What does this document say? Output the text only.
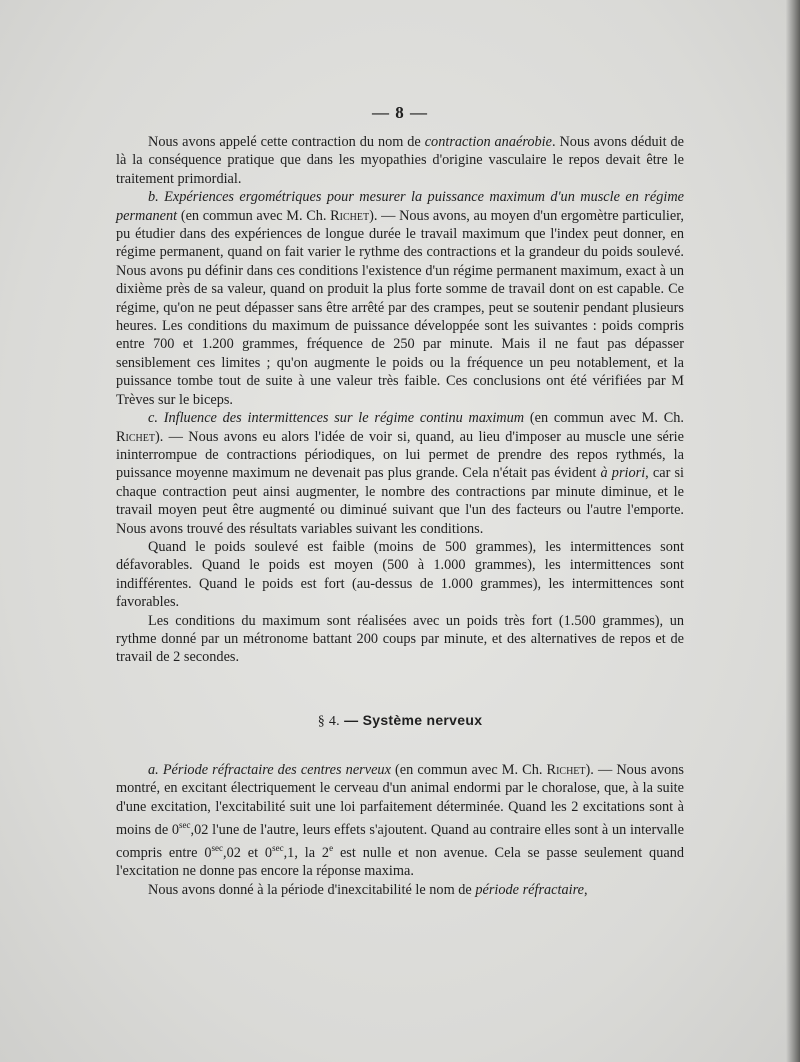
— 8 —

Nous avons appelé cette contraction du nom de contraction anaérobie. Nous avons déduit de là la conséquence pratique que dans les myopathies d'origine vasculaire le repos devait être le traitement primordial.

b. Expériences ergométriques pour mesurer la puissance maximum d'un muscle en régime permanent (en commun avec M. Ch. Richet). — Nous avons, au moyen d'un ergomètre particulier, pu étudier dans des expériences de longue durée le travail maximum que l'index peut donner, en régime permanent, quand on fait varier le rythme des contractions et la grandeur du poids soulevé. Nous avons pu définir dans ces conditions l'existence d'un régime permanent maximum, exact à un dixième près de sa valeur, quand on produit la plus forte somme de travail dont on est capable. Ce régime, qu'on ne peut dépasser sans être arrêté par des crampes, peut se soutenir pendant plusieurs heures. Les conditions du maximum de puissance développée sont les suivantes : poids compris entre 700 et 1.200 grammes, fréquence de 250 par minute. Mais il ne faut pas dépasser sensiblement ces limites ; qu'on augmente le poids ou la fréquence un peu notablement, et la puissance tombe tout de suite à une valeur très faible. Ces conclusions ont été vérifiées par M Trèves sur le biceps.

c. Influence des intermittences sur le régime continu maximum (en commun avec M. Ch. Richet). — Nous avons eu alors l'idée de voir si, quand, au lieu d'imposer au muscle une série ininterrompue de contractions périodiques, on lui permet de prendre des repos rythmés, la puissance moyenne maximum ne devenait pas plus grande. Cela n'était pas évident à priori, car si chaque contraction peut ainsi augmenter, le nombre des contractions par minute diminue, et le travail moyen peut être augmenté ou diminué suivant que l'un des facteurs ou l'autre l'emporte. Nous avons trouvé des résultats variables suivant les conditions.

Quand le poids soulevé est faible (moins de 500 grammes), les intermittences sont défavorables. Quand le poids est moyen (500 à 1.000 grammes), les intermittences sont indifférentes. Quand le poids est fort (au-dessus de 1.000 grammes), les intermittences sont favorables.

Les conditions du maximum sont réalisées avec un poids très fort (1.500 grammes), un rythme donné par un métronome battant 200 coups par minute, et des alternatives de repos et de travail de 2 secondes.

§ 4. — Système nerveux

a. Période réfractaire des centres nerveux (en commun avec M. Ch. Richet). — Nous avons montré, en excitant électriquement le cerveau d'un animal endormi par le choralose, que, à la suite d'une excitation, l'excitabilité suit une loi parfaitement déterminée. Quand les 2 excitations sont à moins de $0^{sec},02$ l'une de l'autre, leurs effets s'ajoutent. Quand au contraire elles sont à un intervalle compris entre $0^{sec},02$ et $0^{sec},1$, la 2e est nulle et non avenue. Cela se passe seulement quand l'excitation ne donne pas encore la réponse maxima.

Nous avons donné à la période d'inexcitabilité le nom de période réfractaire,
